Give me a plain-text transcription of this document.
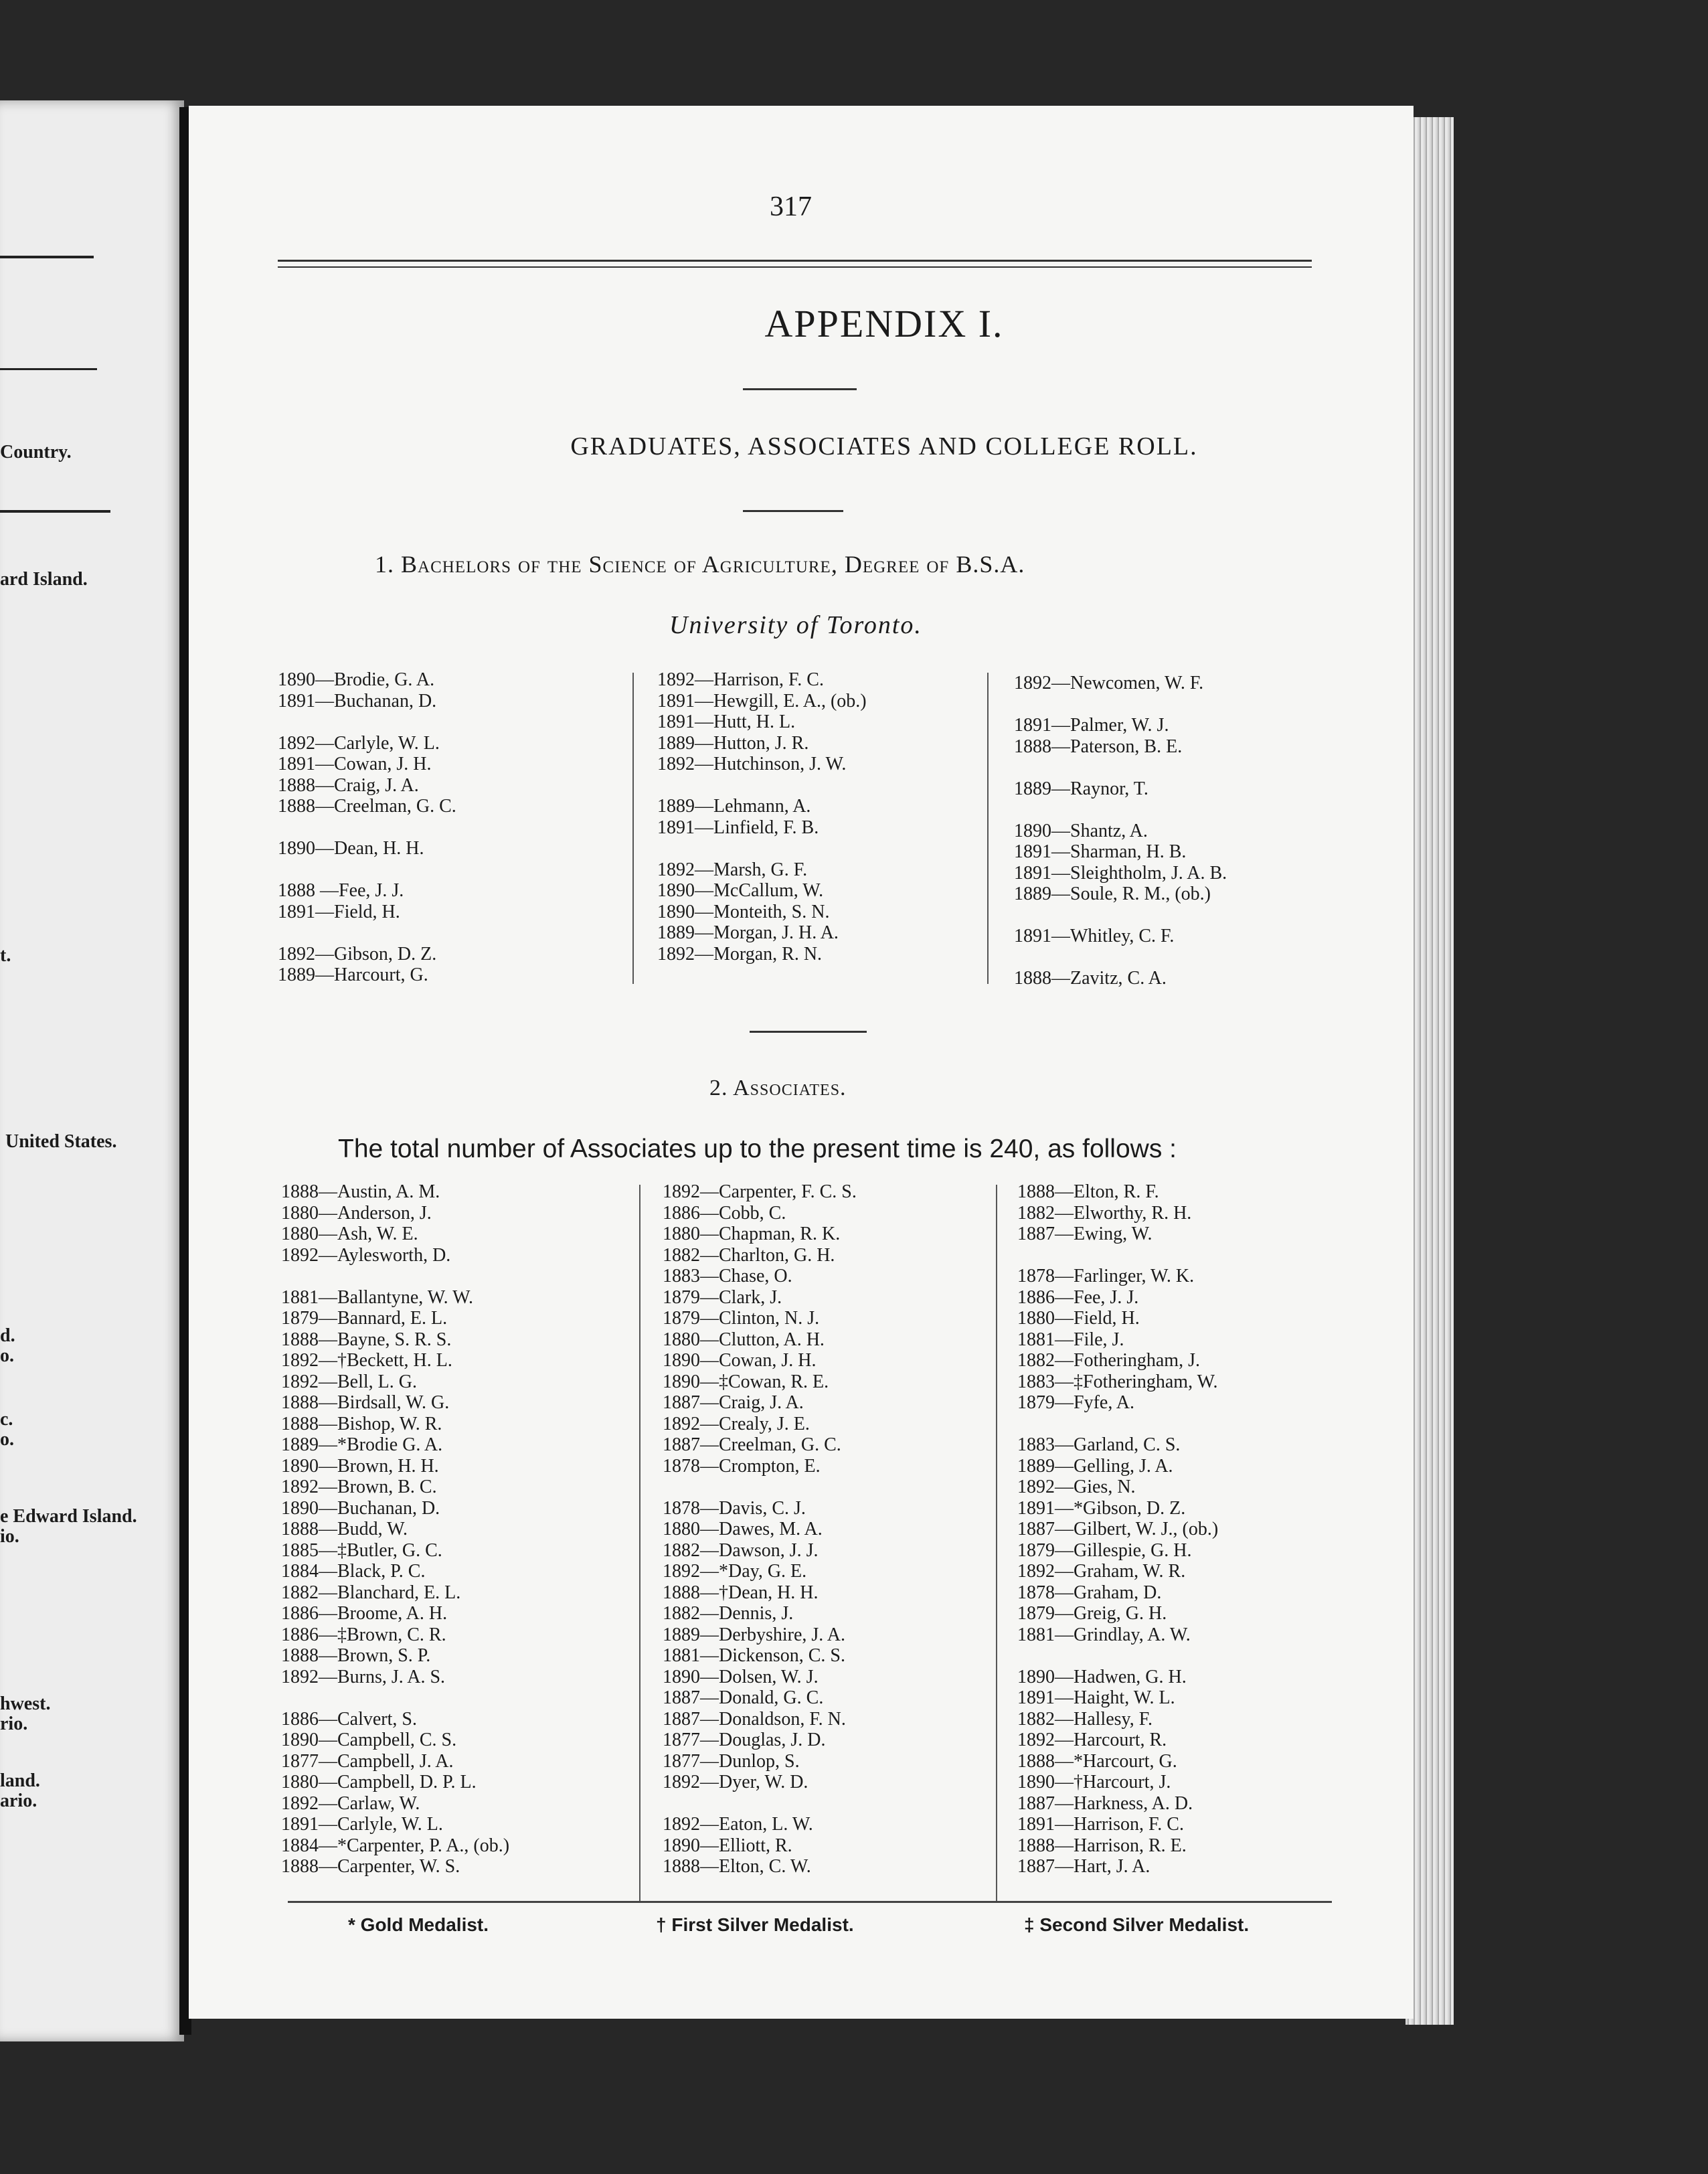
Country.
ard Island.
t.
United States.
d.
o.
c.
o.
e Edward Island.
io.
hwest.
rio.
land.
ario.
317
APPENDIX I.
GRADUATES, ASSOCIATES AND COLLEGE ROLL.
1. Bachelors of the Science of Agriculture, Degree of B.S.A.
University of Toronto.
1890—Brodie, G. A.
1891—Buchanan, D.
1892—Carlyle, W. L.
1891—Cowan, J. H.
1888—Craig, J. A.
1888—Creelman, G. C.
1890—Dean, H. H.
1888 —Fee, J. J.
1891—Field, H.
1892—Gibson, D. Z.
1889—Harcourt, G.
1892—Harrison, F. C.
1891—Hewgill, E. A., (ob.)
1891—Hutt, H. L.
1889—Hutton, J. R.
1892—Hutchinson, J. W.
1889—Lehmann, A.
1891—Linfield, F. B.
1892—Marsh, G. F.
1890—McCallum, W.
1890—Monteith, S. N.
1889—Morgan, J. H. A.
1892—Morgan, R. N.
1892—Newcomen, W. F.
1891—Palmer, W. J.
1888—Paterson, B. E.
1889—Raynor, T.
1890—Shantz, A.
1891—Sharman, H. B.
1891—Sleightholm, J. A. B.
1889—Soule, R. M., (ob.)
1891—Whitley, C. F.
1888—Zavitz, C. A.
2. Associates.
The total number of Associates up to the present time is 240, as follows :
1888—Austin, A. M.
1880—Anderson, J.
1880—Ash, W. E.
1892—Aylesworth, D.
1881—Ballantyne, W. W.
1879—Bannard, E. L.
1888—Bayne, S. R. S.
1892—†Beckett, H. L.
1892—Bell, L. G.
1888—Birdsall, W. G.
1888—Bishop, W. R.
1889—*Brodie G. A.
1890—Brown, H. H.
1892—Brown, B. C.
1890—Buchanan, D.
1888—Budd, W.
1885—‡Butler, G. C.
1884—Black, P. C.
1882—Blanchard, E. L.
1886—Broome, A. H.
1886—‡Brown, C. R.
1888—Brown, S. P.
1892—Burns, J. A. S.
1886—Calvert, S.
1890—Campbell, C. S.
1877—Campbell, J. A.
1880—Campbell, D. P. L.
1892—Carlaw, W.
1891—Carlyle, W. L.
1884—*Carpenter, P. A., (ob.)
1888—Carpenter, W. S.
1892—Carpenter, F. C. S.
1886—Cobb, C.
1880—Chapman, R. K.
1882—Charlton, G. H.
1883—Chase, O.
1879—Clark, J.
1879—Clinton, N. J.
1880—Clutton, A. H.
1890—Cowan, J. H.
1890—‡Cowan, R. E.
1887—Craig, J. A.
1892—Crealy, J. E.
1887—Creelman, G. C.
1878—Crompton, E.
1878—Davis, C. J.
1880—Dawes, M. A.
1882—Dawson, J. J.
1892—*Day, G. E.
1888—†Dean, H. H.
1882—Dennis, J.
1889—Derbyshire, J. A.
1881—Dickenson, C. S.
1890—Dolsen, W. J.
1887—Donald, G. C.
1887—Donaldson, F. N.
1877—Douglas, J. D.
1877—Dunlop, S.
1892—Dyer, W. D.
1892—Eaton, L. W.
1890—Elliott, R.
1888—Elton, C. W.
1888—Elton, R. F.
1882—Elworthy, R. H.
1887—Ewing, W.
1878—Farlinger, W. K.
1886—Fee, J. J.
1880—Field, H.
1881—File, J.
1882—Fotheringham, J.
1883—‡Fotheringham, W.
1879—Fyfe, A.
1883—Garland, C. S.
1889—Gelling, J. A.
1892—Gies, N.
1891—*Gibson, D. Z.
1887—Gilbert, W. J., (ob.)
1879—Gillespie, G. H.
1892—Graham, W. R.
1878—Graham, D.
1879—Greig, G. H.
1881—Grindlay, A. W.
1890—Hadwen, G. H.
1891—Haight, W. L.
1882—Hallesy, F.
1892—Harcourt, R.
1888—*Harcourt, G.
1890—†Harcourt, J.
1887—Harkness, A. D.
1891—Harrison, F. C.
1888—Harrison, R. E.
1887—Hart, J. A.
* Gold Medalist.	† First Silver Medalist.	‡ Second Silver Medalist.
